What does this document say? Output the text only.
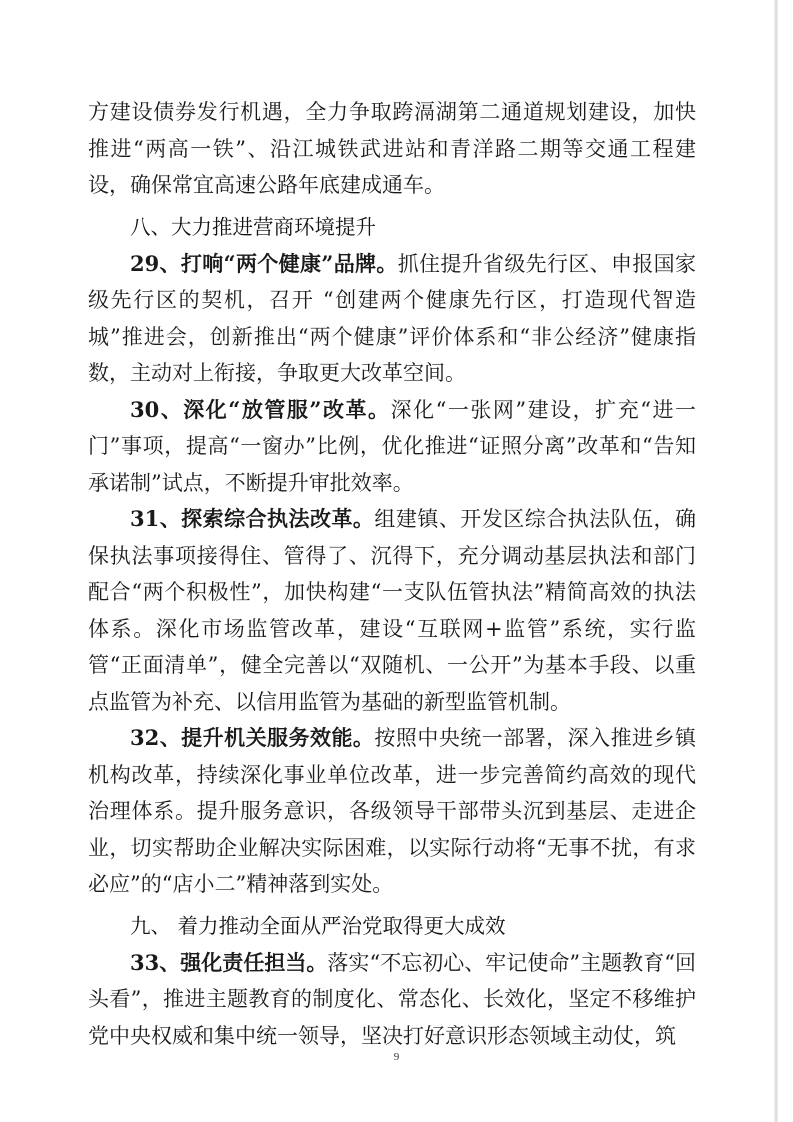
方建设债券发行机遇，全力争取跨滆湖第二通道规划建设，加快推进“两高一铁”、沿江城铁武进站和青洋路二期等交通工程建设，确保常宜高速公路年底建成通车。

八、大力推进营商环境提升

29、打响“两个健康”品牌。抓住提升省级先行区、申报国家级先行区的契机，召开 “创建两个健康先行区，打造现代智造城”推进会，创新推出“两个健康”评价体系和“非公经济”健康指数，主动对上衔接，争取更大改革空间。

30、深化“放管服”改革。深化“一张网”建设，扩充“进一门”事项，提高“一窗办”比例，优化推进“证照分离”改革和“告知承诺制”试点，不断提升审批效率。

31、探索综合执法改革。组建镇、开发区综合执法队伍，确保执法事项接得住、管得了、沉得下，充分调动基层执法和部门配合“两个积极性”，加快构建“一支队伍管执法”精简高效的执法体系。深化市场监管改革，建设“互联网+监管”系统，实行监管“正面清单”，健全完善以“双随机、一公开”为基本手段、以重点监管为补充、以信用监管为基础的新型监管机制。

32、提升机关服务效能。按照中央统一部署，深入推进乡镇机构改革，持续深化事业单位改革，进一步完善简约高效的现代治理体系。提升服务意识，各级领导干部带头沉到基层、走进企业，切实帮助企业解决实际困难，以实际行动将“无事不扰，有求必应”的“店小二”精神落到实处。

九、 着力推动全面从严治党取得更大成效

33、强化责任担当。落实“不忘初心、牢记使命”主题教育“回头看”，推进主题教育的制度化、常态化、长效化，坚定不移维护党中央权威和集中统一领导，坚决打好意识形态领域主动仗，筑

9
